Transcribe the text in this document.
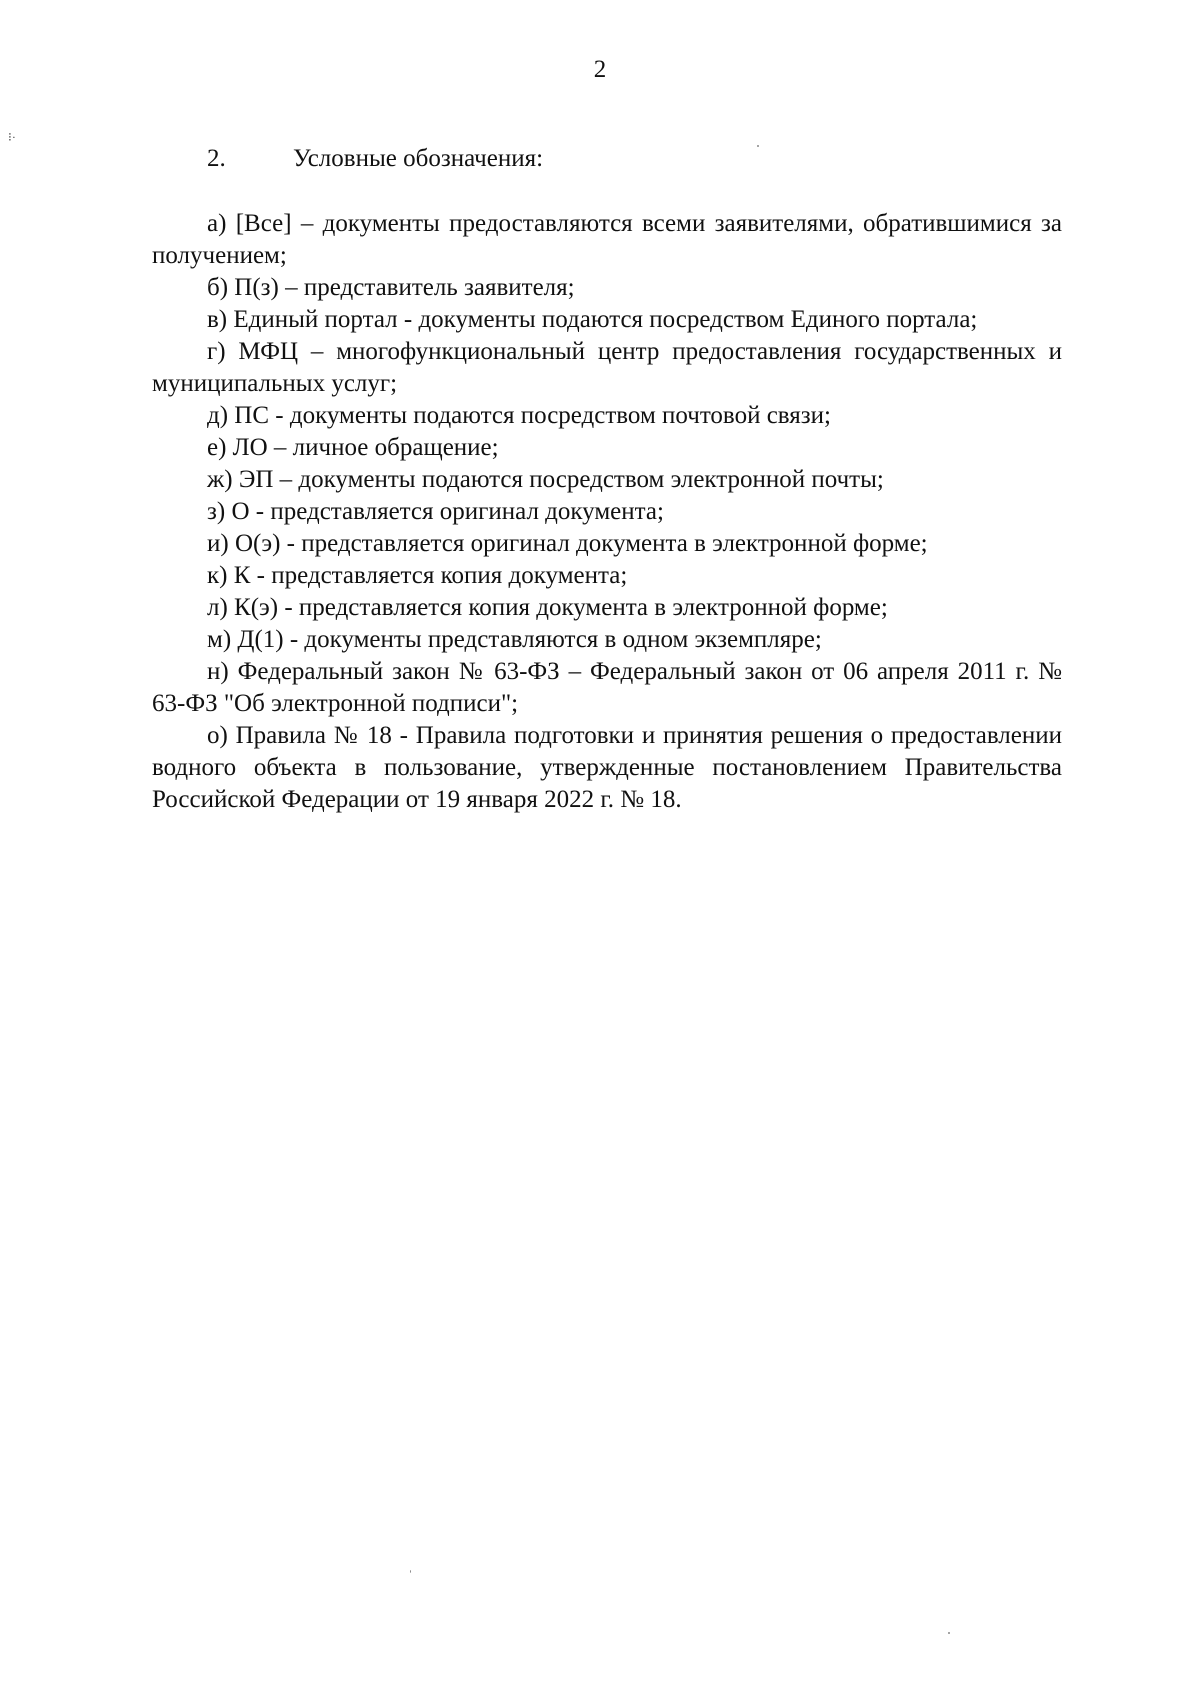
⁝·
2
2.	Условные обозначения:

а) [Все] – документы предоставляются всеми заявителями, обратившимися за получением;

б) П(з) – представитель заявителя;

в) Единый портал - документы подаются посредством Единого портала;

г) МФЦ – многофункциональный центр предоставления государственных и муниципальных услуг;

д) ПС - документы подаются посредством почтовой связи;

е) ЛО – личное обращение;

ж) ЭП – документы подаются посредством электронной почты;

з) О - представляется оригинал документа;

и) О(э) - представляется оригинал документа в электронной форме;

к) К - представляется копия документа;

л) К(э) - представляется копия документа в электронной форме;

м) Д(1) - документы представляются в одном экземпляре;

н) Федеральный закон № 63-ФЗ – Федеральный закон от 06 апреля 2011 г. № 63-ФЗ "Об электронной подписи";

о) Правила № 18 - Правила подготовки и принятия решения о предоставлении водного объекта в пользование, утвержденные постановлением Правительства Российской Федерации от 19 января 2022 г. № 18.
